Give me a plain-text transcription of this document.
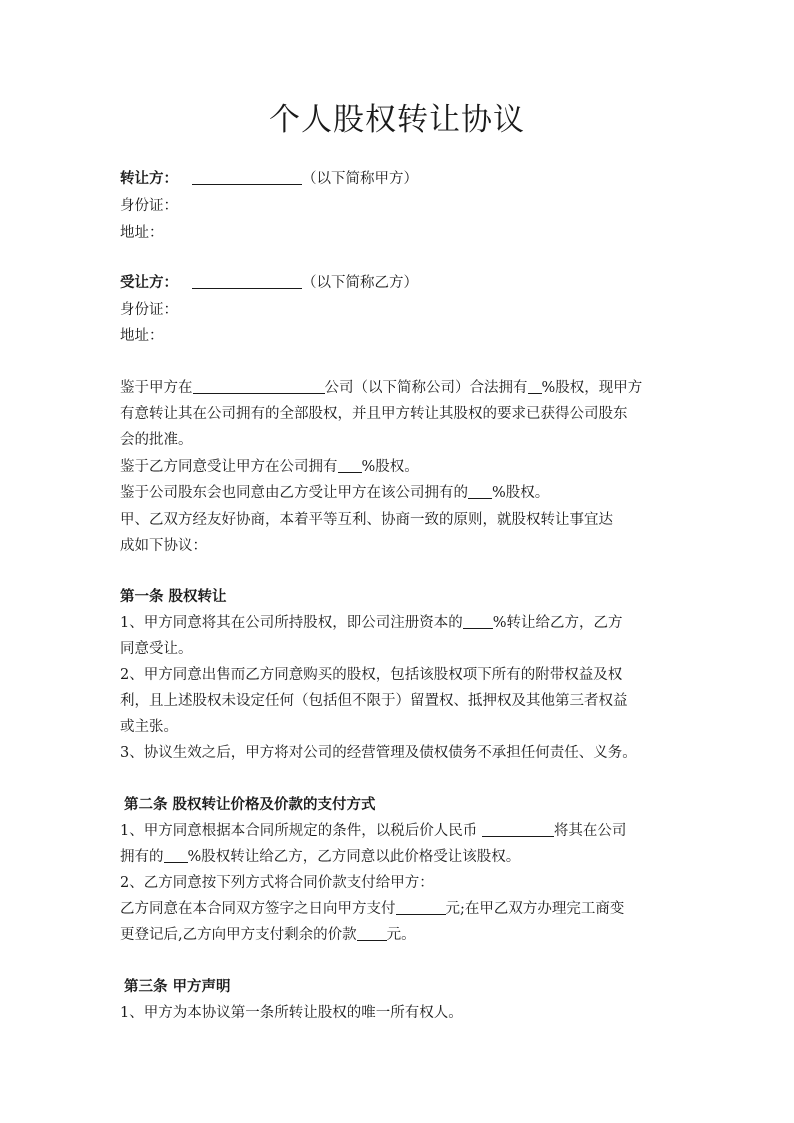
个人股权转让协议
转让方：	（以下简称甲方）
身份证：
地址：
受让方：	（以下简称乙方）
身份证：
地址：
鉴于甲方在	公司（以下简称公司）合法拥有 %股权，现甲方
有意转让其在公司拥有的全部股权，并且甲方转让其股权的要求已获得公司股东
会的批准。
鉴于乙方同意受让甲方在公司拥有 %股权。
鉴于公司股东会也同意由乙方受让甲方在该公司拥有的 %股权。
甲、乙双方经友好协商，本着平等互利、协商一致的原则，就股权转让事宜达
成如下协议：
第一条 股权转让
1、甲方同意将其在公司所持股权，即公司注册资本的 %转让给乙方，乙方
同意受让。
2、甲方同意出售而乙方同意购买的股权，包括该股权项下所有的附带权益及权
利，且上述股权未设定任何（包括但不限于）留置权、抵押权及其他第三者权益
或主张。
3、协议生效之后，甲方将对公司的经营管理及债权债务不承担任何责任、义务。
第二条 股权转让价格及价款的支付方式
1、甲方同意根据本合同所规定的条件，以税后价人民币	将其在公司
拥有的 %股权转让给乙方，乙方同意以此价格受让该股权。
2、乙方同意按下列方式将合同价款支付给甲方：
乙方同意在本合同双方签字之日向甲方支付	元;在甲乙双方办理完工商变
更登记后,乙方向甲方支付剩余的价款 元。
第三条 甲方声明
1、甲方为本协议第一条所转让股权的唯一所有权人。
